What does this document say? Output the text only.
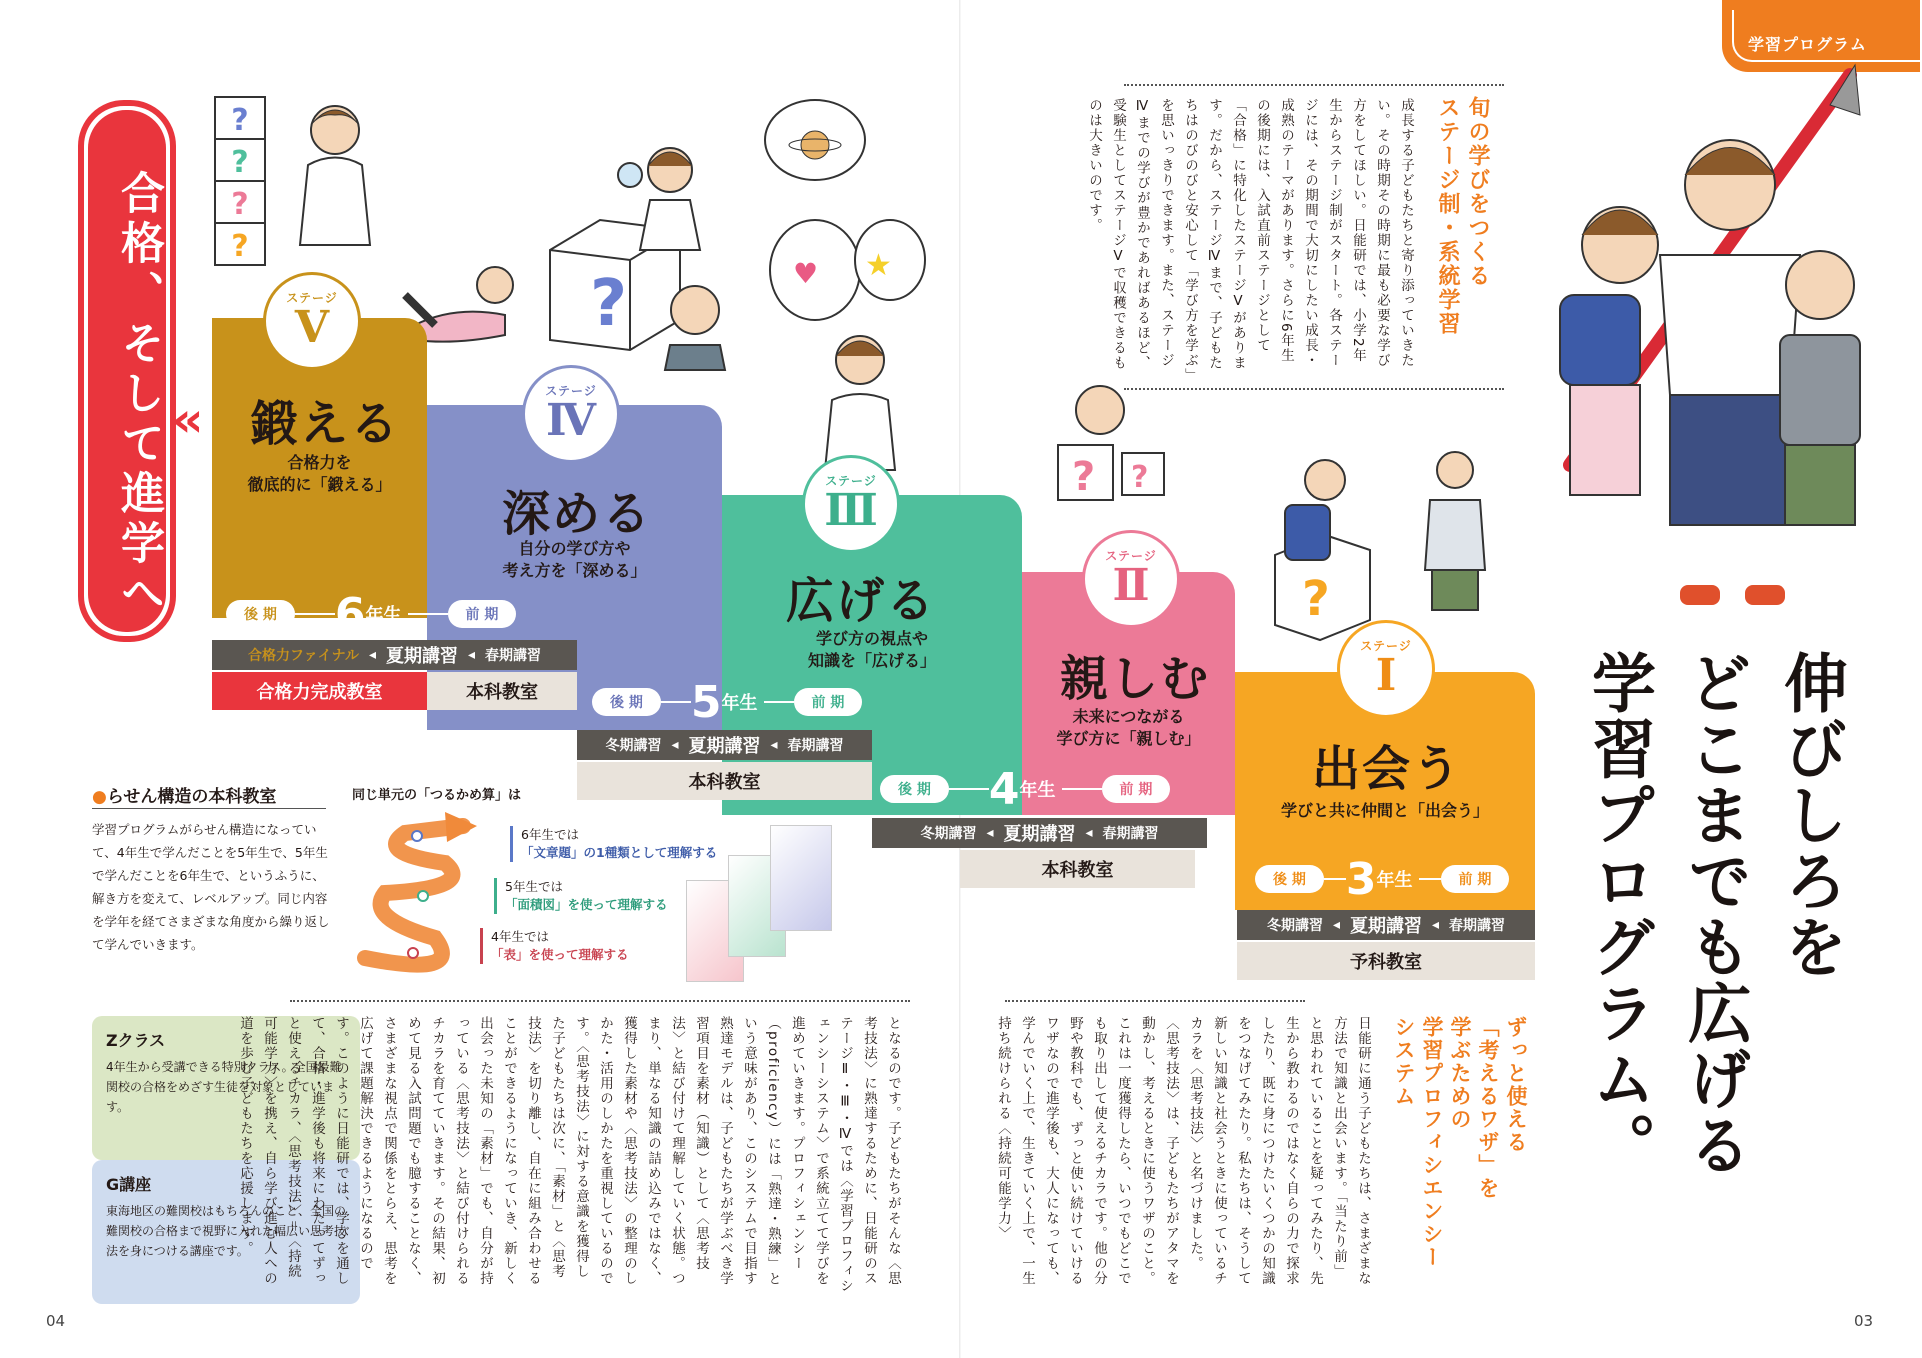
04	03
学習プログラム
合格、そして進学へ ‹‹
?
?
?
?
?	♥ ★
? ?
?
ステージ
Ⅴ
鍛える
合格力を
徹底的に「鍛える」
ステージ
Ⅳ
深める
自分の学び方や
考え方を「深める」
ステージ
Ⅲ
広げる
学び方の視点や
知識を「広げる」
ステージ
Ⅱ
親しむ
未来につながる
学び方に「親しむ」
ステージ
Ⅰ
出会う
学びと共に仲間と「出会う」
後 期	6 年生	前 期
後 期	5 年生	前 期
後 期	4 年生	前 期
後 期 3 年生	前 期
合格力ファイナル ◂ 夏期講習 ◂ 春期講習
合格力完成教室	本科教室
冬期講習 ◂ 夏期講習 ◂ 春期講習
本科教室
冬期講習 ◂ 夏期講習 ◂ 春期講習
本科教室
冬期講習 ◂ 夏期講習 ◂ 春期講習
予科教室	伸びしろを
どこまでも広げる
学習プログラム。
旬の学びをつくる
ステージ制・系統学習
成長する子どもたちと寄り添っていきたい。その時期その時期に最も必要な学び方をしてほしい。日能研では、小学2年生からステージ制がスタート。各ステージには、その期間で大切にしたい成長・成熟のテーマがあります。さらに6年生の後期には、入試直前ステージとして「合格」に特化したステージⅤがあります。だから、ステージⅣまで、子どもたちはのびのびと安心して「学び方を学ぶ」を思いっきりできます。また、ステージⅣまでの学びが豊かであればあるほど、受験生としてステージⅤで収穫できるものは大きいのです。
●らせん構造の本科教室
学習プログラムがらせん構造になっていて、4年生で学んだことを5年生で、5年生で学んだことを6年生で、というふうに、解き方を変えて、レベルアップ。同じ内容を学年を経てさまざまな角度から繰り返して学んでいきます。
同じ単元の「つるかめ算」は
6年生では
「文章題」の1種類として理解する
5年生では
「面積図」を使って理解する
4年生では
「表」を使って理解する
Zクラス
4年生から受講できる特別クラス。全国最難関校の合格をめざす生徒を対象としています。
G講座
東海地区の難関校はもちろんのこと、全国の難関校の合格まで視野に入れた幅広い思考技法を身につける講座です。
となるのです。子どもたちがそんな〈思考技法〉に熟達するために、日能研のステージⅡ・Ⅲ・Ⅳでは〈学習プロフィシェンシーシステム〉で系統立てて学びを進めていきます。プロフィシェンシー（proficiency）には「熟達・熟練」という意味があり、このシステムで目指す熟達モデルは、子どもたちが学ぶべき学習項目を素材（知識）として〈思考技法〉と結び付けて理解していく状態。つまり、単なる知識の詰め込みではなく、獲得した素材や〈思考技法〉の整理のしかた・活用のしかたを重視しているのです。〈思考技法〉に対する意識を獲得した子どもたちは次に、「素材」と〈思考技法〉を切り離し、自在に組み合わせることができるようになっていき、新しく出会った未知の「素材」でも、自分が持っている〈思考技法〉と結び付けられるチカラを育てていきます。その結果、初めて見る入試問題でも臆することなく、さまざまな視点で関係をとらえ、思考を広げて課題解決できるようになるのです。このように日能研では、学びを通して、合格・進学後も将来にわたってずっと使えるチカラ、〈思考技法〉＝〈持続可能学力〉を携え、自ら学び進む人への道を歩む子どもたちを応援します。	ずっと使える
「考えるワザ」を
学ぶための
学習プロフィシエンシー
システム
日能研に通う子どもたちは、さまざまな方法で知識と出会います。「当たり前」と思われていることを疑ってみたり、先生から教わるのではなく自らの力で探求したり、既に身につけたいくつかの知識をつなげてみたり。私たちは、そうして新しい知識と社会うときに使っているチカラを〈思考技法〉と名づけました。〈思考技法〉は、子どもたちがアタマを動かし、考えるときに使うワザのこと。これは一度獲得したら、いつでもどこでも取り出して使えるチカラです。他の分野や教科でも、ずっと使い続けていけるワザなので進学後も、大人になっても、学んでいく上で、生きていく上で、一生持ち続けられる〈持続可能学力〉
